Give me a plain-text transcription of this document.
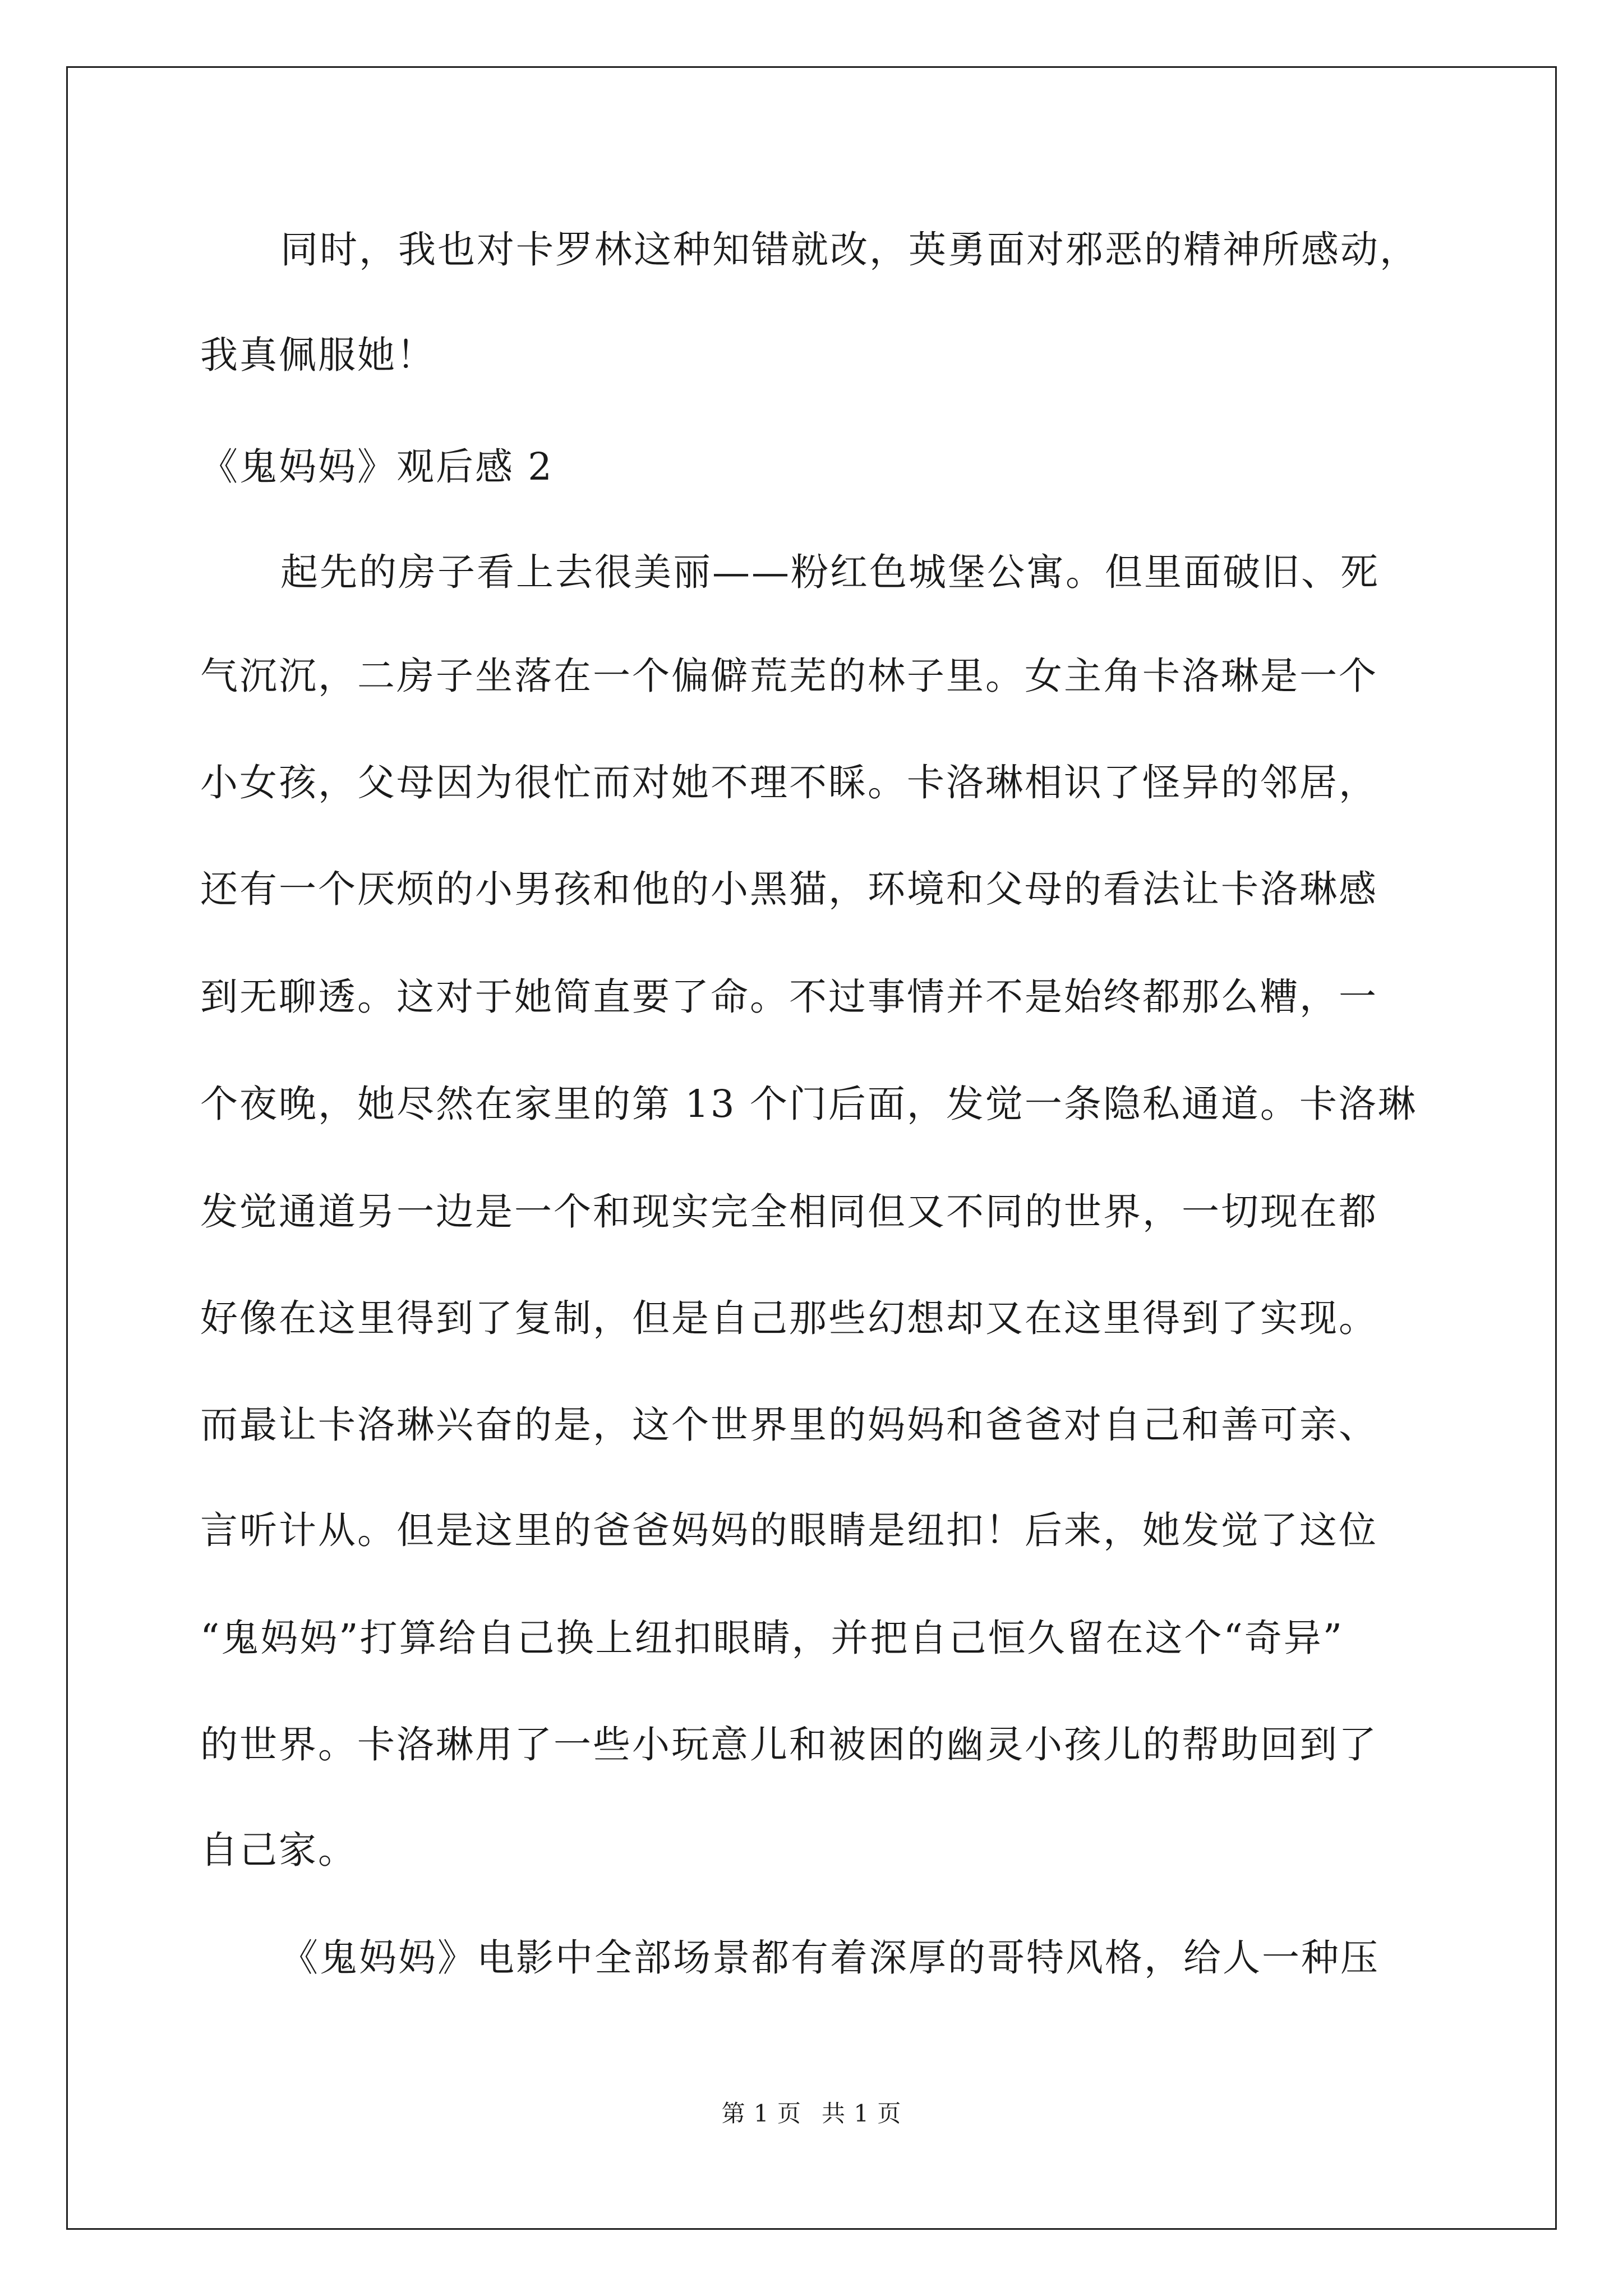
同时，我也对卡罗林这种知错就改，英勇面对邪恶的精神所感动，
我真佩服她！
《鬼妈妈》观后感 2
起先的房子看上去很美丽——粉红色城堡公寓。但里面破旧、死
气沉沉，二房子坐落在一个偏僻荒芜的林子里。女主角卡洛琳是一个
小女孩，父母因为很忙而对她不理不睬。卡洛琳相识了怪异的邻居，
还有一个厌烦的小男孩和他的小黑猫，环境和父母的看法让卡洛琳感
到无聊透。这对于她简直要了命。不过事情并不是始终都那么糟，一
个夜晚，她尽然在家里的第 13 个门后面，发觉一条隐私通道。卡洛琳
发觉通道另一边是一个和现实完全相同但又不同的世界，一切现在都
好像在这里得到了复制，但是自己那些幻想却又在这里得到了实现。
而最让卡洛琳兴奋的是，这个世界里的妈妈和爸爸对自己和善可亲、
言听计从。但是这里的爸爸妈妈的眼睛是纽扣！后来，她发觉了这位
“鬼妈妈”打算给自己换上纽扣眼睛，并把自己恒久留在这个“奇异”
的世界。卡洛琳用了一些小玩意儿和被困的幽灵小孩儿的帮助回到了
自己家。
《鬼妈妈》电影中全部场景都有着深厚的哥特风格，给人一种压
第 1 页 共 1 页
